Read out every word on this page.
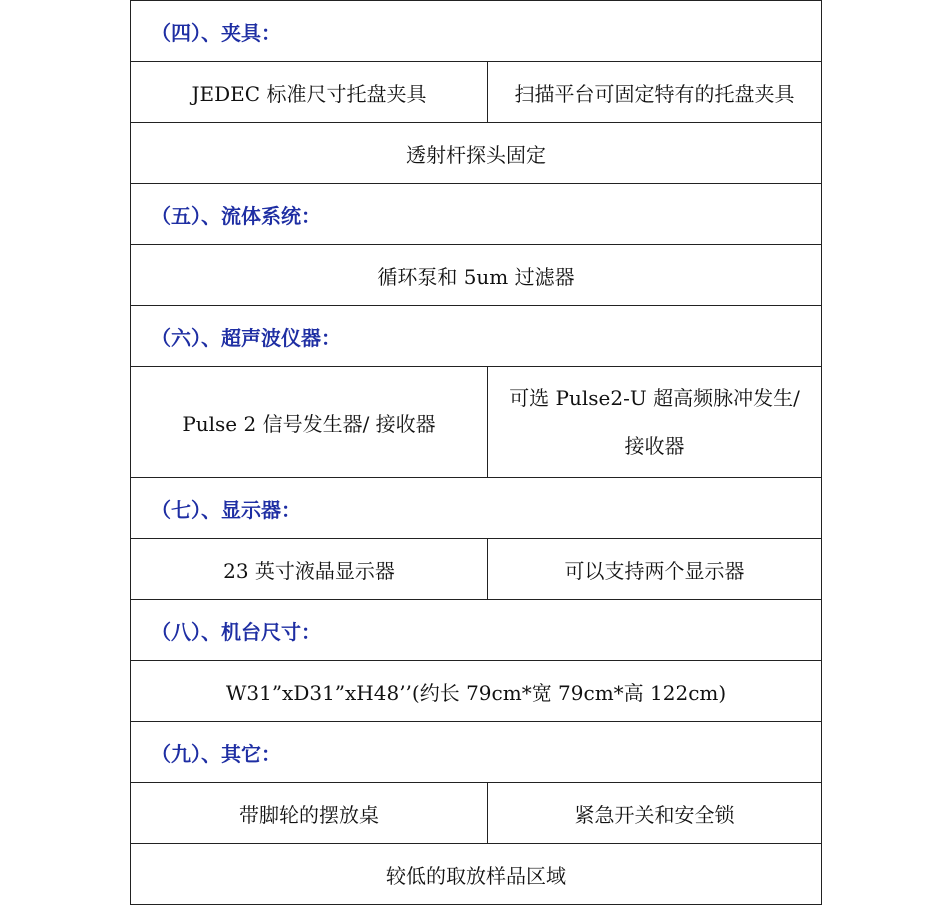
（四）、夹具：	
JEDEC 标准尺寸托盘夹具	扫描平台可固定特有的托盘夹具
透射杆探头固定	
（五）、流体系统：	
循环泵和 5um 过滤器	
（六）、超声波仪器：	
Pulse 2 信号发生器/ 接收器	可选 Pulse2-U 超高频脉冲发生/
接收器

（七）、显示器：	
23 英寸液晶显示器	可以支持两个显示器
（八）、机台尺寸：	
W31”xD31”xH48’’(约长 79cm*宽 79cm*高 122cm)	
（九）、其它：	
带脚轮的摆放桌	紧急开关和安全锁
较低的取放样品区域	
